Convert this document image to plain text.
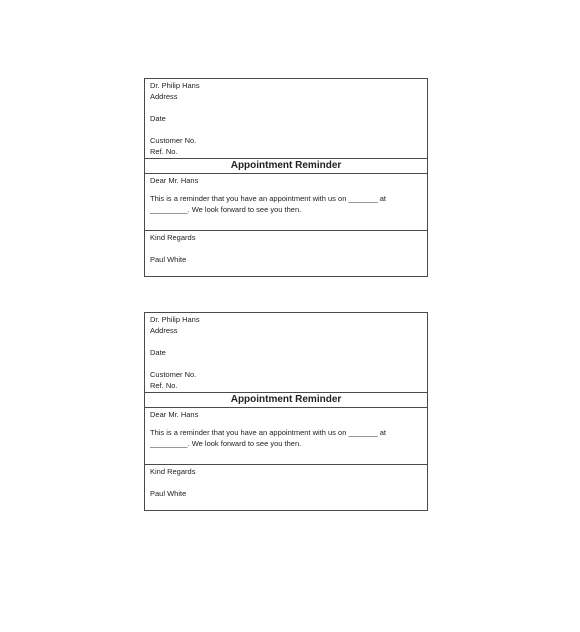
Dr. Philip Hans
Address
Date
Customer No.
Ref. No.
Appointment Reminder
Dear Mr. Hans
This is a reminder that you have an appointment with us on _______ at
_________. We look forward to see you then.
Kind Regards
Paul White
Dr. Philip Hans
Address
Date
Customer No.
Ref. No.
Appointment Reminder
Dear Mr. Hans
This is a reminder that you have an appointment with us on _______ at
_________. We look forward to see you then.
Kind Regards
Paul White
